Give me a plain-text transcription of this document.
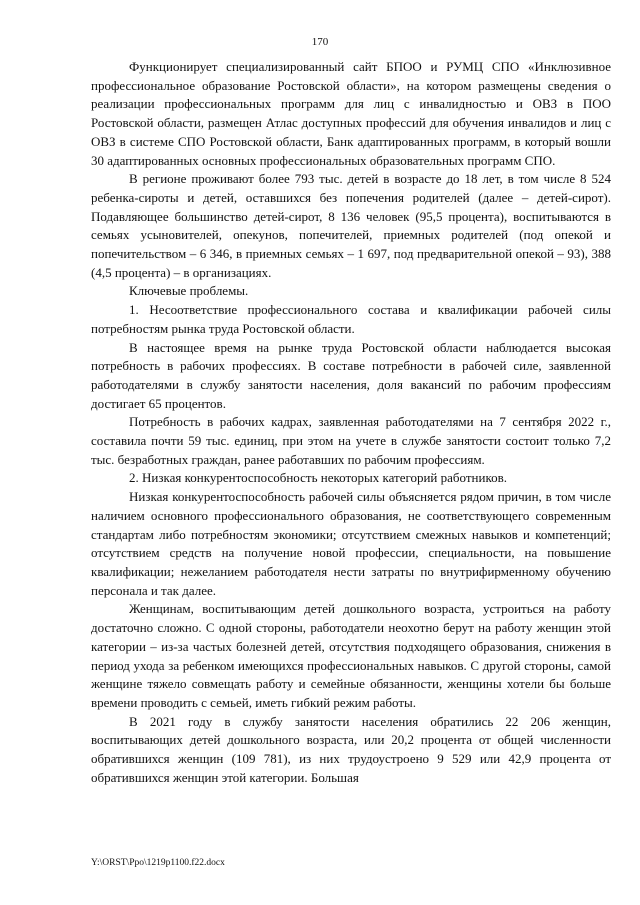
170

Функционирует специализированный сайт БПОО и РУМЦ СПО «Инклюзивное профессиональное образование Ростовской области», на котором размещены сведения о реализации профессиональных программ для лиц с инвалидностью и ОВЗ в ПОО Ростовской области, размещен Атлас доступных профессий для обучения инвалидов и лиц с ОВЗ в системе СПО Ростовской области, Банк адаптированных программ, в который вошли 30 адаптированных основных профессиональных образовательных программ СПО.

В регионе проживают более 793 тыс. детей в возрасте до 18 лет, в том числе 8 524 ребенка-сироты и детей, оставшихся без попечения родителей (далее – детей-сирот). Подавляющее большинство детей-сирот, 8 136 человек (95,5 процента), воспитываются в семьях усыновителей, опекунов, попечителей, приемных родителей (под опекой и попечительством – 6 346, в приемных семьях – 1 697, под предварительной опекой – 93), 388 (4,5 процента) – в организациях.

Ключевые проблемы.

1. Несоответствие профессионального состава и квалификации рабочей силы потребностям рынка труда Ростовской области.

В настоящее время на рынке труда Ростовской области наблюдается высокая потребность в рабочих профессиях. В составе потребности в рабочей силе, заявленной работодателями в службу занятости населения, доля вакансий по рабочим профессиям достигает 65 процентов.

Потребность в рабочих кадрах, заявленная работодателями на 7 сентября 2022 г., составила почти 59 тыс. единиц, при этом на учете в службе занятости состоит только 7,2 тыс. безработных граждан, ранее работавших по рабочим профессиям.

2. Низкая конкурентоспособность некоторых категорий работников.

Низкая конкурентоспособность рабочей силы объясняется рядом причин, в том числе наличием основного профессионального образования, не соответствующего современным стандартам либо потребностям экономики; отсутствием смежных навыков и компетенций; отсутствием средств на получение новой профессии, специальности, на повышение квалификации; нежеланием работодателя нести затраты по внутрифирменному обучению персонала и так далее.

Женщинам, воспитывающим детей дошкольного возраста, устроиться на работу достаточно сложно. С одной стороны, работодатели неохотно берут на работу женщин этой категории – из-за частых болезней детей, отсутствия подходящего образования, снижения в период ухода за ребенком имеющихся профессиональных навыков. С другой стороны, самой женщине тяжело совмещать работу и семейные обязанности, женщины хотели бы больше времени проводить с семьей, иметь гибкий режим работы.

В 2021 году в службу занятости населения обратились 22 206 женщин, воспитывающих детей дошкольного возраста, или 20,2 процента от общей численности обратившихся женщин (109 781), из них трудоустроено 9 529 или 42,9 процента от обратившихся женщин этой категории. Большая

Y:\ORST\Ppo\1219p1100.f22.docx
